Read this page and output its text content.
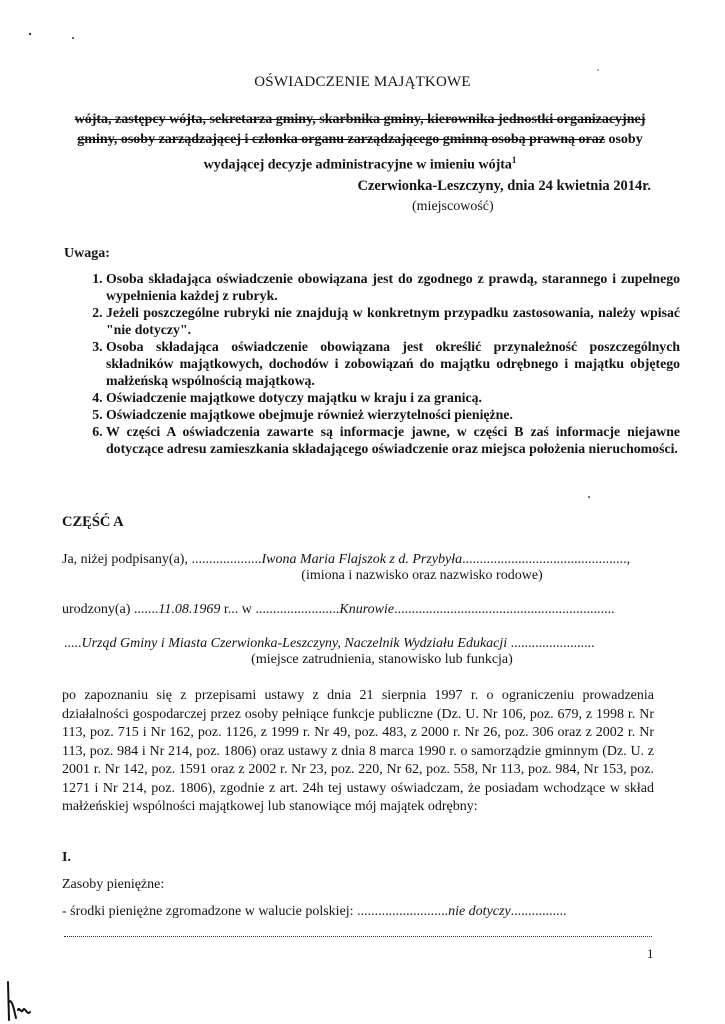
OŚWIADCZENIE MAJĄTKOWE
wójta, zastępcy wójta, sekretarza gminy, skarbnika gminy, kierownika jednostki organizacyjnej gminy, osoby zarządzającej i członka organu zarządzającego gminną osobą prawną oraz osoby wydającej decyzje administracyjne w imieniu wójta$^1$
Czerwionka-Leszczyny, dnia 24 kwietnia 2014r.
(miejscowość)
Uwaga:
1. Osoba składająca oświadczenie obowiązana jest do zgodnego z prawdą, starannego i zupełnego wypełnienia każdej z rubryk.
2. Jeżeli poszczególne rubryki nie znajdują w konkretnym przypadku zastosowania, należy wpisać "nie dotyczy".
3. Osoba składająca oświadczenie obowiązana jest określić przynależność poszczególnych składników majątkowych, dochodów i zobowiązań do majątku odrębnego i majątku objętego małżeńską wspólnością majątkową.
4. Oświadczenie majątkowe dotyczy majątku w kraju i za granicą.
5. Oświadczenie majątkowe obejmuje również wierzytelności pieniężne.
6. W części A oświadczenia zawarte są informacje jawne, w części B zaś informacje niejawne dotyczące adresu zamieszkania składającego oświadczenie oraz miejsca położenia nieruchomości.
CZĘŚĆ A
Ja, niżej podpisany(a), ....................Iwona Maria Flajszok z d. Przybyła...............................................,
(imiona i nazwisko oraz nazwisko rodowe)
urodzony(a) .......11.08.1969 r... w ........................Knurowie...............................................................
.....Urząd Gminy i Miasta Czerwionka-Leszczyny, Naczelnik Wydziału Edukacji ........................
(miejsce zatrudnienia, stanowisko lub funkcja)
po zapoznaniu się z przepisami ustawy z dnia 21 sierpnia 1997 r. o ograniczeniu prowadzenia działalności gospodarczej przez osoby pełniące funkcje publiczne (Dz. U. Nr 106, poz. 679, z 1998 r. Nr 113, poz. 715 i Nr 162, poz. 1126, z 1999 r. Nr 49, poz. 483, z 2000 r. Nr 26, poz. 306 oraz z 2002 r. Nr 113, poz. 984 i Nr 214, poz. 1806) oraz ustawy z dnia 8 marca 1990 r. o samorządzie gminnym (Dz. U. z 2001 r. Nr 142, poz. 1591 oraz z 2002 r. Nr 23, poz. 220, Nr 62, poz. 558, Nr 113, poz. 984, Nr 153, poz. 1271 i Nr 214, poz. 1806), zgodnie z art. 24h tej ustawy oświadczam, że posiadam wchodzące w skład małżeńskiej wspólności majątkowej lub stanowiące mój majątek odrębny:
I.
Zasoby pieniężne:
- środki pieniężne zgromadzone w walucie polskiej: ..........................nie dotyczy................
1
